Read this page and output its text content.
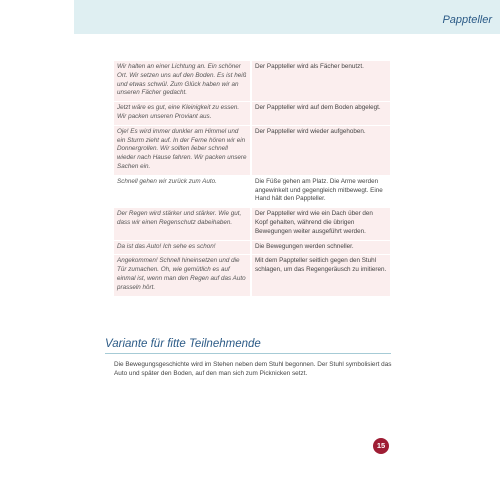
Pappteller
Wir halten an einer Lichtung an. Ein schöner Ort. Wir setzen uns auf den Boden. Es ist heiß und etwas schwül. Zum Glück haben wir an unseren Fächer gedacht.	Der Pappteller wird als Fächer benutzt.
Jetzt wäre es gut, eine Kleinigkeit zu essen. Wir packen unseren Proviant aus.	Der Pappteller wird auf dem Boden abgelegt.
Oje! Es wird immer dunkler am Himmel und ein Sturm zieht auf. In der Ferne hören wir ein Donnergrollen. Wir sollten lieber schnell wieder nach Hause fahren. Wir packen unsere Sachen ein.	Der Pappteller wird wieder aufgehoben.
Schnell gehen wir zurück zum Auto.	Die Füße gehen am Platz. Die Arme werden angewinkelt und gegengleich mitbewegt. Eine Hand hält den Pappteller.
Der Regen wird stärker und stärker. Wie gut, dass wir einen Regenschutz dabeihaben.	Der Pappteller wird wie ein Dach über den Kopf gehalten, während die übrigen Bewegungen weiter ausgeführt werden.
Da ist das Auto! Ich sehe es schon!	Die Bewegungen werden schneller.
Angekommen! Schnell hineinsetzen und die Tür zumachen. Oh, wie gemütlich es auf einmal ist, wenn man den Regen auf das Auto prasseln hört.	Mit dem Pappteller seitlich gegen den Stuhl schlagen, um das Regengeräusch zu imitieren.
Variante für fitte Teilnehmende
Die Bewegungsgeschichte wird im Stehen neben dem Stuhl begonnen. Der Stuhl symbolisiert das Auto und später den Boden, auf den man sich zum Picknicken setzt.
15
